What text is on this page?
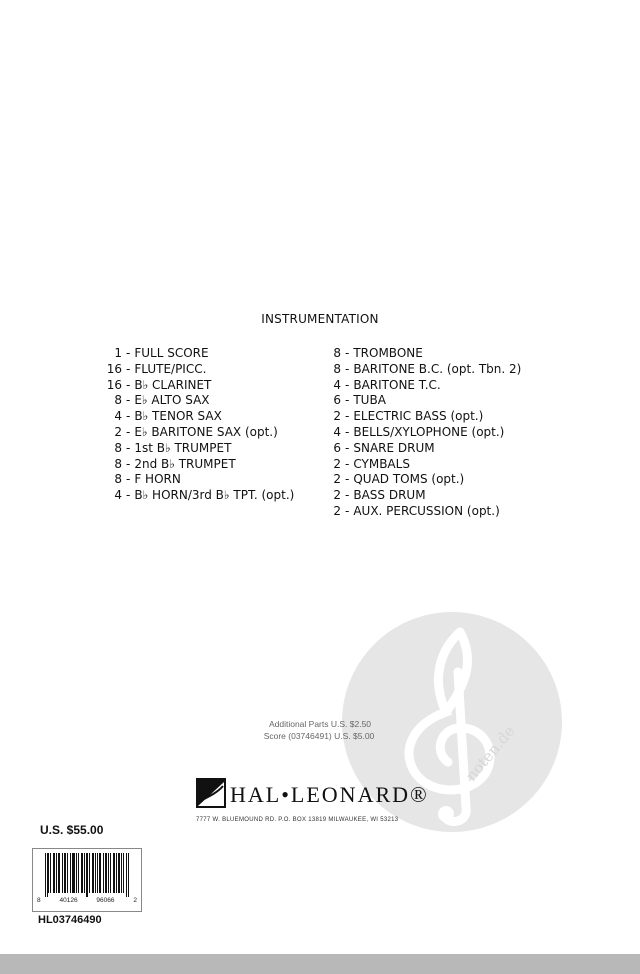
INSTRUMENTATION
1 - FULL SCORE
16 - FLUTE/PICC.
16 - B♭ CLARINET
8 - E♭ ALTO SAX
4 - B♭ TENOR SAX
2 - E♭ BARITONE SAX (opt.)
8 - 1st B♭ TRUMPET
8 - 2nd B♭ TRUMPET
8 - F HORN
4 - B♭ HORN/3rd B♭ TPT. (opt.)
8 - TROMBONE
8 - BARITONE B.C. (opt. Tbn. 2)
4 - BARITONE T.C.
6 - TUBA
2 - ELECTRIC BASS (opt.)
4 - BELLS/XYLOPHONE (opt.)
6 - SNARE DRUM
2 - CYMBALS
2 - QUAD TOMS (opt.)
2 - BASS DRUM
2 - AUX. PERCUSSION (opt.)
noten.de
Additional Parts U.S. $2.50
Score (03746491) U.S. $5.00
HAL•LEONARD®
7777 W. BLUEMOUND RD. P.O. BOX 13819 MILWAUKEE, WI 53213
U.S. $55.00
8	40126	96066	2
HL03746490
